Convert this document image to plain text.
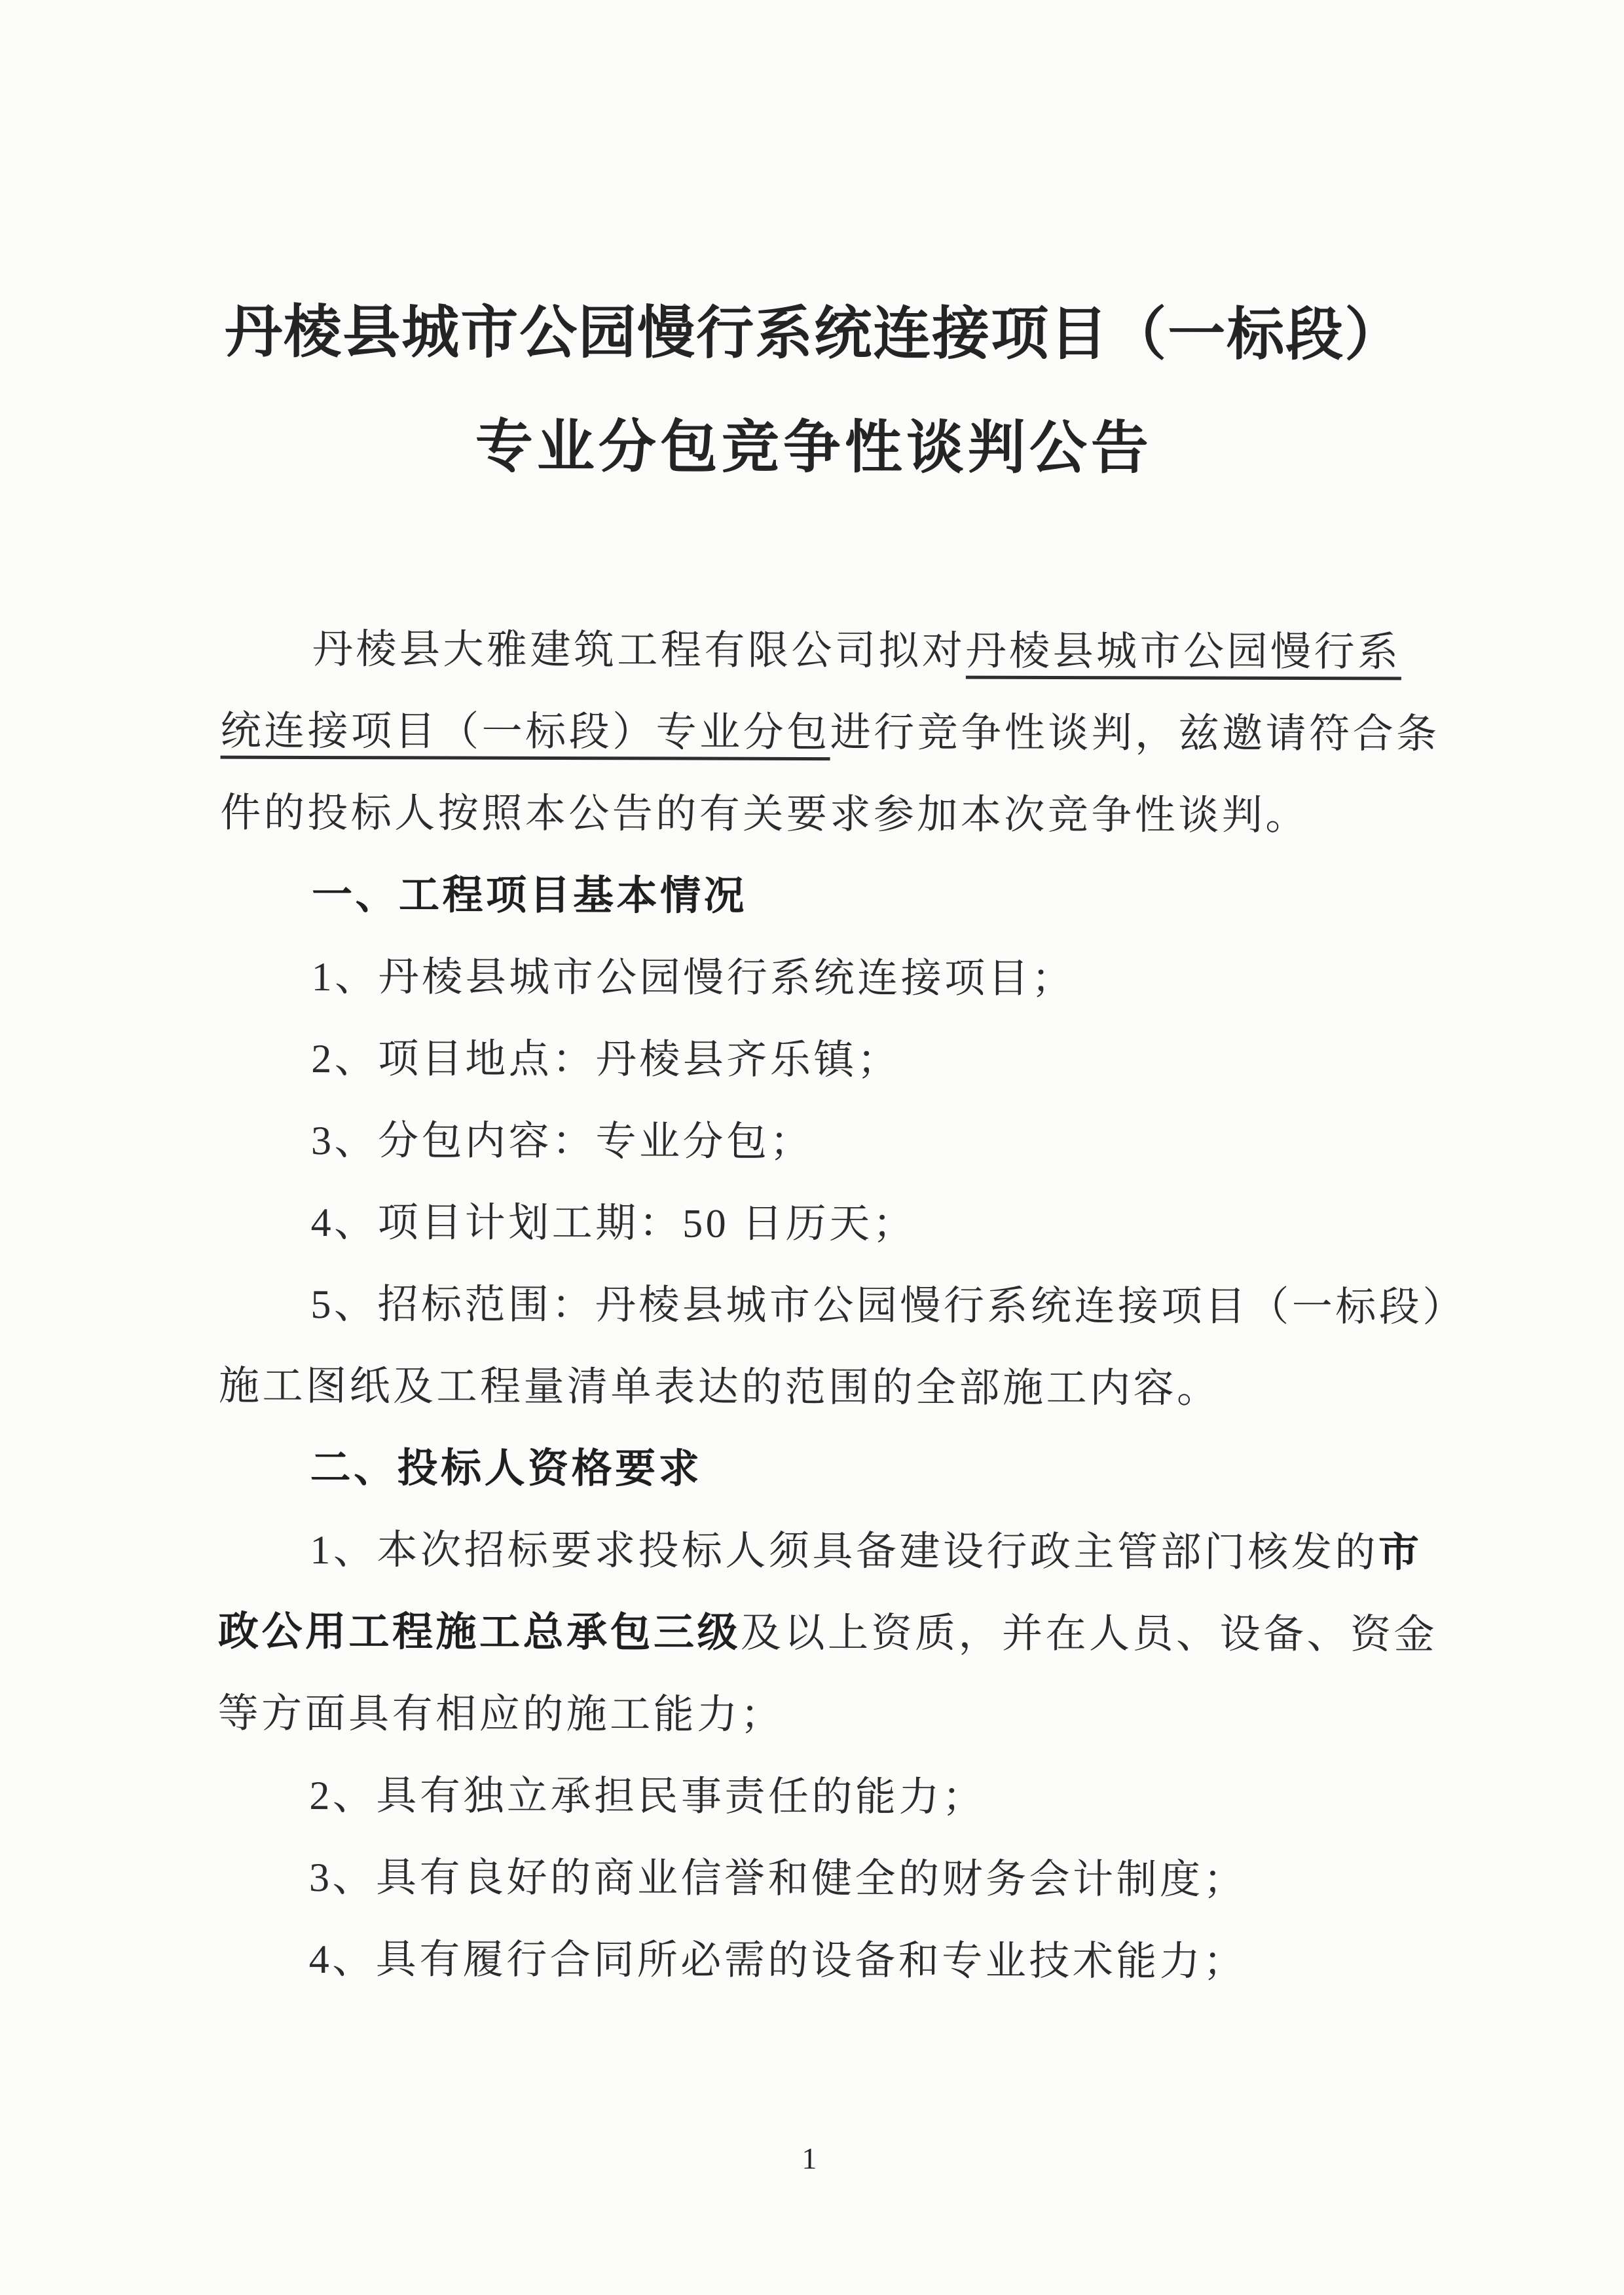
丹棱县城市公园慢行系统连接项目（一标段）
专业分包竞争性谈判公告
丹棱县大雅建筑工程有限公司拟对丹棱县城市公园慢行系
统连接项目（一标段）专业分包进行竞争性谈判，兹邀请符合条
件的投标人按照本公告的有关要求参加本次竞争性谈判。
一、工程项目基本情况
1、丹棱县城市公园慢行系统连接项目；
2、项目地点：丹棱县齐乐镇；
3、分包内容：专业分包；
4、项目计划工期：50 日历天；
5、招标范围：丹棱县城市公园慢行系统连接项目（一标段）
施工图纸及工程量清单表达的范围的全部施工内容。
二、投标人资格要求
1、本次招标要求投标人须具备建设行政主管部门核发的市
政公用工程施工总承包三级及以上资质，并在人员、设备、资金
等方面具有相应的施工能力；
2、具有独立承担民事责任的能力；
3、具有良好的商业信誉和健全的财务会计制度；
4、具有履行合同所必需的设备和专业技术能力；
1
